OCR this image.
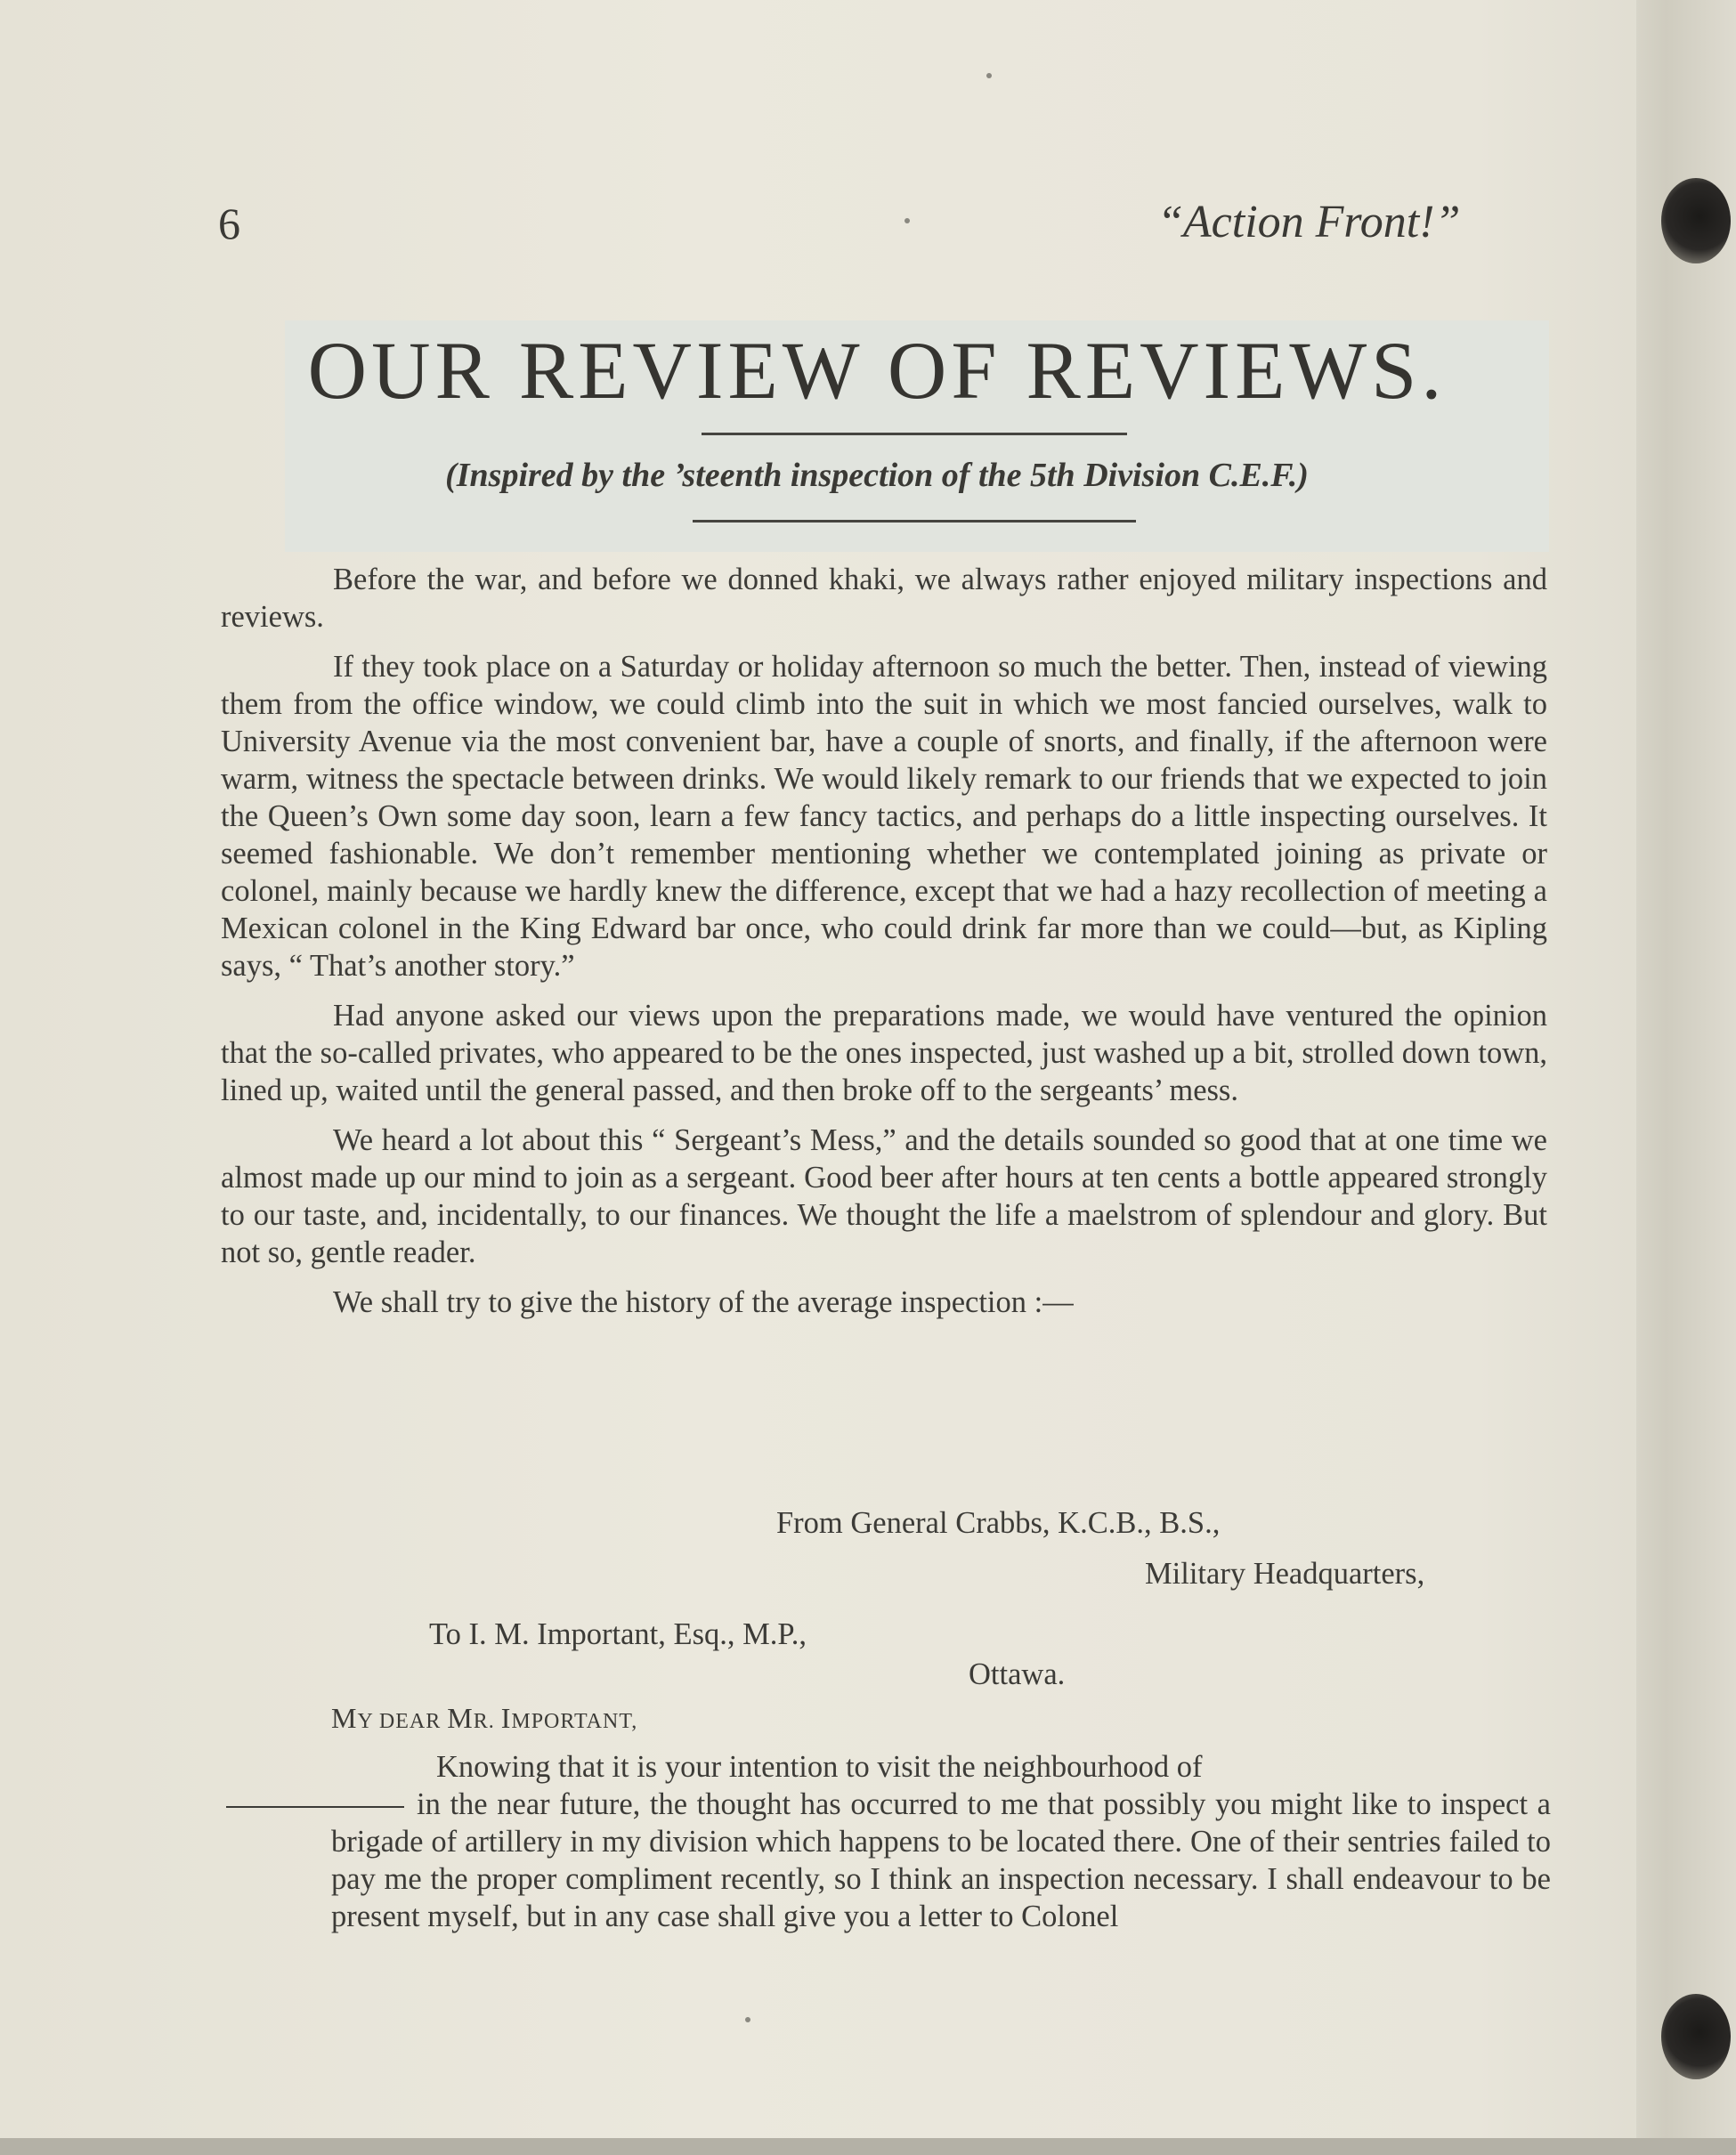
6	“Action Front!”
OUR REVIEW OF REVIEWS.
(Inspired by the ’steenth inspection of the 5th Division C.E.F.)

Before the war, and before we donned khaki, we always rather enjoyed military inspections and reviews.

If they took place on a Saturday or holiday afternoon so much the better. Then, instead of viewing them from the office window, we could climb into the suit in which we most fancied ourselves, walk to University Avenue via the most convenient bar, have a couple of snorts, and finally, if the afternoon were warm, witness the spectacle between drinks. We would likely remark to our friends that we expected to join the Queen’s Own some day soon, learn a few fancy tactics, and perhaps do a little inspecting ourselves. It seemed fashionable. We don’t remember mentioning whether we contemplated joining as private or colonel, mainly because we hardly knew the difference, except that we had a hazy recollection of meeting a Mexican colonel in the King Edward bar once, who could drink far more than we could—but, as Kipling says, “ That’s another story.”

Had anyone asked our views upon the preparations made, we would have ventured the opinion that the so-called privates, who appeared to be the ones inspected, just washed up a bit, strolled down town, lined up, waited until the general passed, and then broke off to the sergeants’ mess.

We heard a lot about this “ Sergeant’s Mess,” and the details sounded so good that at one time we almost made up our mind to join as a sergeant. Good beer after hours at ten cents a bottle appeared strongly to our taste, and, incidentally, to our finances. We thought the life a maelstrom of splendour and glory. But not so, gentle reader.

We shall try to give the history of the average inspection :—

From General Crabbs, K.C.B., B.S.,
Military Headquarters,
To I. M. Important, Esq., M.P.,
Ottawa.
MY DEAR MR. IMPORTANT,

Knowing that it is your intention to visit the neighbourhood of
in the near future, the thought has occurred to me that possibly you might like to inspect a brigade of artillery in my division which happens to be located there. One of their sentries failed to pay me the proper compliment recently, so I think an inspection necessary. I shall endeavour to be present myself, but in any case shall give you a letter to Colonel
